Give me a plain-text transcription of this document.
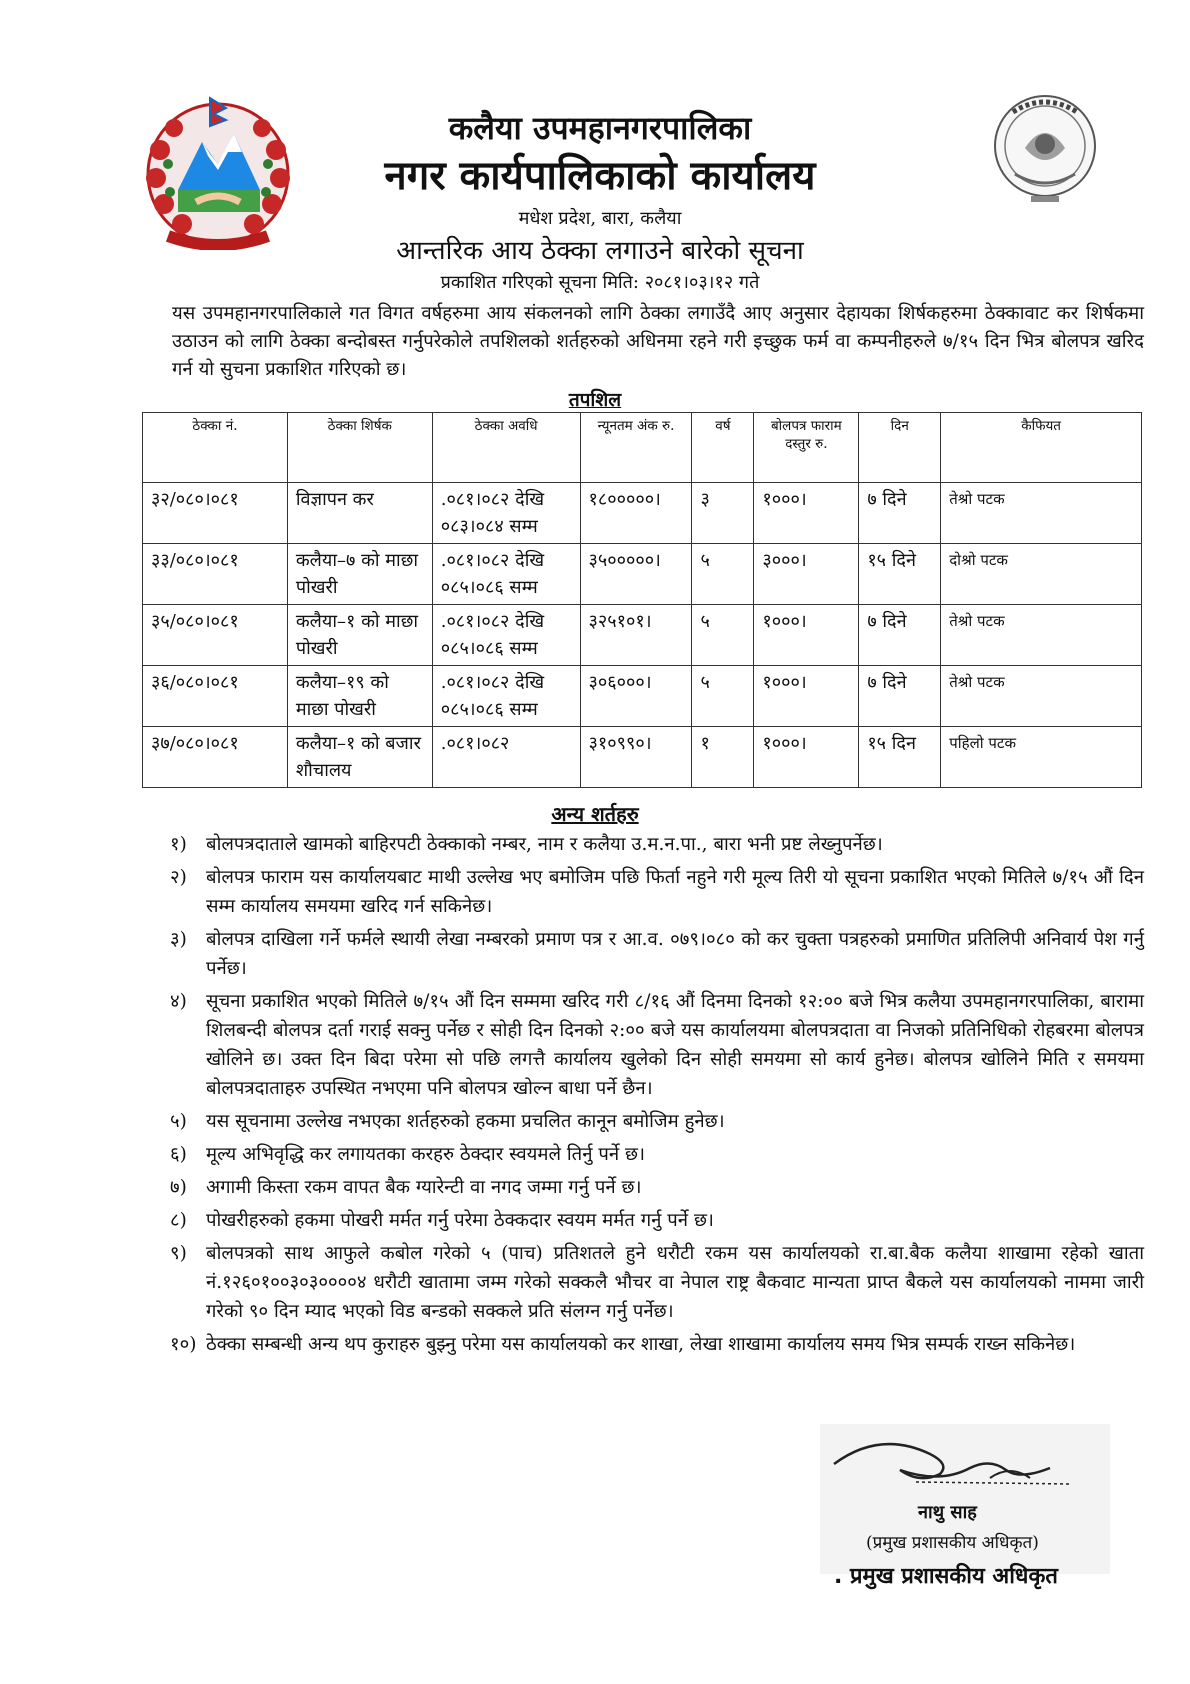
कलैया उपमहानगरपालिका
नगर कार्यपालिकाको कार्यालय
मधेश प्रदेश, बारा, कलैया
आन्तरिक आय ठेक्का लगाउने बारेको सूचना
प्रकाशित गरिएको सूचना मिति: २०८१।०३।१२ गते
यस उपमहानगरपालिकाले गत विगत वर्षहरुमा आय संकलनको लागि ठेक्का लगाउँदै आए अनुसार देहायका शिर्षकहरुमा ठेक्कावाट कर शिर्षकमा उठाउन को लागि ठेक्का बन्दोबस्त गर्नुपरेकोले तपशिलको शर्तहरुको अधिनमा रहने गरी इच्छुक फर्म वा कम्पनीहरुले ७/१५ दिन भित्र बोलपत्र खरिद गर्न यो सुचना प्रकाशित गरिएको छ।
तपशिल
ठेक्का नं.	ठेक्का शिर्षक	ठेक्का अवधि	न्यूनतम अंक रु.	वर्ष	बोलपत्र फाराम दस्तुर रु.	दिन	कैफियत
३२/०८०।०८१	विज्ञापन कर	.०८१।०८२ देखि ०८३।०८४ सम्म	१८०००००।	३	१०००।	७ दिने	तेश्रो पटक
३३/०८०।०८१	कलैया–७ को माछा पोखरी	.०८१।०८२ देखि ०८५।०८६ सम्म	३५०००००।	५	३०००।	१५ दिने	दोश्रो पटक
३५/०८०।०८१	कलैया–१ को माछा पोखरी	.०८१।०८२ देखि ०८५।०८६ सम्म	३२५१०१।	५	१०००।	७ दिने	तेश्रो पटक
३६/०८०।०८१	कलैया–१९ को माछा पोखरी	.०८१।०८२ देखि ०८५।०८६ सम्म	३०६०००।	५	१०००।	७ दिने	तेश्रो पटक
३७/०८०।०८१	कलैया–१ को बजार शौचालय	.०८१।०८२	३१०९९०।	१	१०००।	१५ दिन	पहिलो पटक
अन्य शर्तहरु
१)	बोलपत्रदाताले खामको बाहिरपटी ठेक्काको नम्बर, नाम र कलैया उ.म.न.पा., बारा भनी प्रष्ट लेख्नुपर्नेछ।
२)	बोलपत्र फाराम यस कार्यालयबाट माथी उल्लेख भए बमोजिम पछि फिर्ता नहुने गरी मूल्य तिरी यो सूचना प्रकाशित भएको मितिले ७/१५ औं दिन सम्म कार्यालय समयमा खरिद गर्न सकिनेछ।
३)	बोलपत्र दाखिला गर्ने फर्मले स्थायी लेखा नम्बरको प्रमाण पत्र र आ.व. ०७९।०८० को कर चुक्ता पत्रहरुको प्रमाणित प्रतिलिपी अनिवार्य पेश गर्नु पर्नेछ।
४)	सूचना प्रकाशित भएको मितिले ७/१५ औं दिन सम्ममा खरिद गरी ८/१६ औं दिनमा दिनको १२:०० बजे भित्र कलैया उपमहानगरपालिका, बारामा शिलबन्दी बोलपत्र दर्ता गराई सक्नु पर्नेछ र सोही दिन दिनको २:०० बजे यस कार्यालयमा बोलपत्रदाता वा निजको प्रतिनिधिको रोहबरमा बोलपत्र खोलिने छ। उक्त दिन बिदा परेमा सो पछि लगत्तै कार्यालय खुलेको दिन सोही समयमा सो कार्य हुनेछ। बोलपत्र खोलिने मिति र समयमा बोलपत्रदाताहरु उपस्थित नभएमा पनि बोलपत्र खोल्न बाधा पर्ने छैन।
५)	यस सूचनामा उल्लेख नभएका शर्तहरुको हकमा प्रचलित कानून बमोजिम हुनेछ।
६)	मूल्य अभिवृद्धि कर लगायतका करहरु ठेक्दार स्वयमले तिर्नु पर्ने छ।
७)	अगामी किस्ता रकम वापत बैक ग्यारेन्टी वा नगद जम्मा गर्नु पर्ने छ।
८)	पोखरीहरुको हकमा पोखरी मर्मत गर्नु परेमा ठेक्कदार स्वयम मर्मत गर्नु पर्ने छ।
९)	बोलपत्रको साथ आफुले कबोल गरेको ५ (पाच) प्रतिशतले हुने धरौटी रकम यस कार्यालयको रा.बा.बैक कलैया शाखामा रहेको खाता नं.१२६०१००३०३००००४ धरौटी खातामा जम्म गरेको सक्कलै भौचर वा नेपाल राष्ट्र बैकवाट मान्यता प्राप्त बैकले यस कार्यालयको नाममा जारी गरेको ९० दिन म्याद भएको विड बन्डको सक्कले प्रति संलग्न गर्नु पर्नेछ।
१०) ठेक्का सम्बन्धी अन्य थप कुराहरु बुझ्नु परेमा यस कार्यालयको कर शाखा, लेखा शाखामा कार्यालय समय भित्र सम्पर्क राख्न सकिनेछ।
नाथु साह
(प्रमुख प्रशासकीय अधिकृत)
. प्रमुख प्रशासकीय अधिकृत
